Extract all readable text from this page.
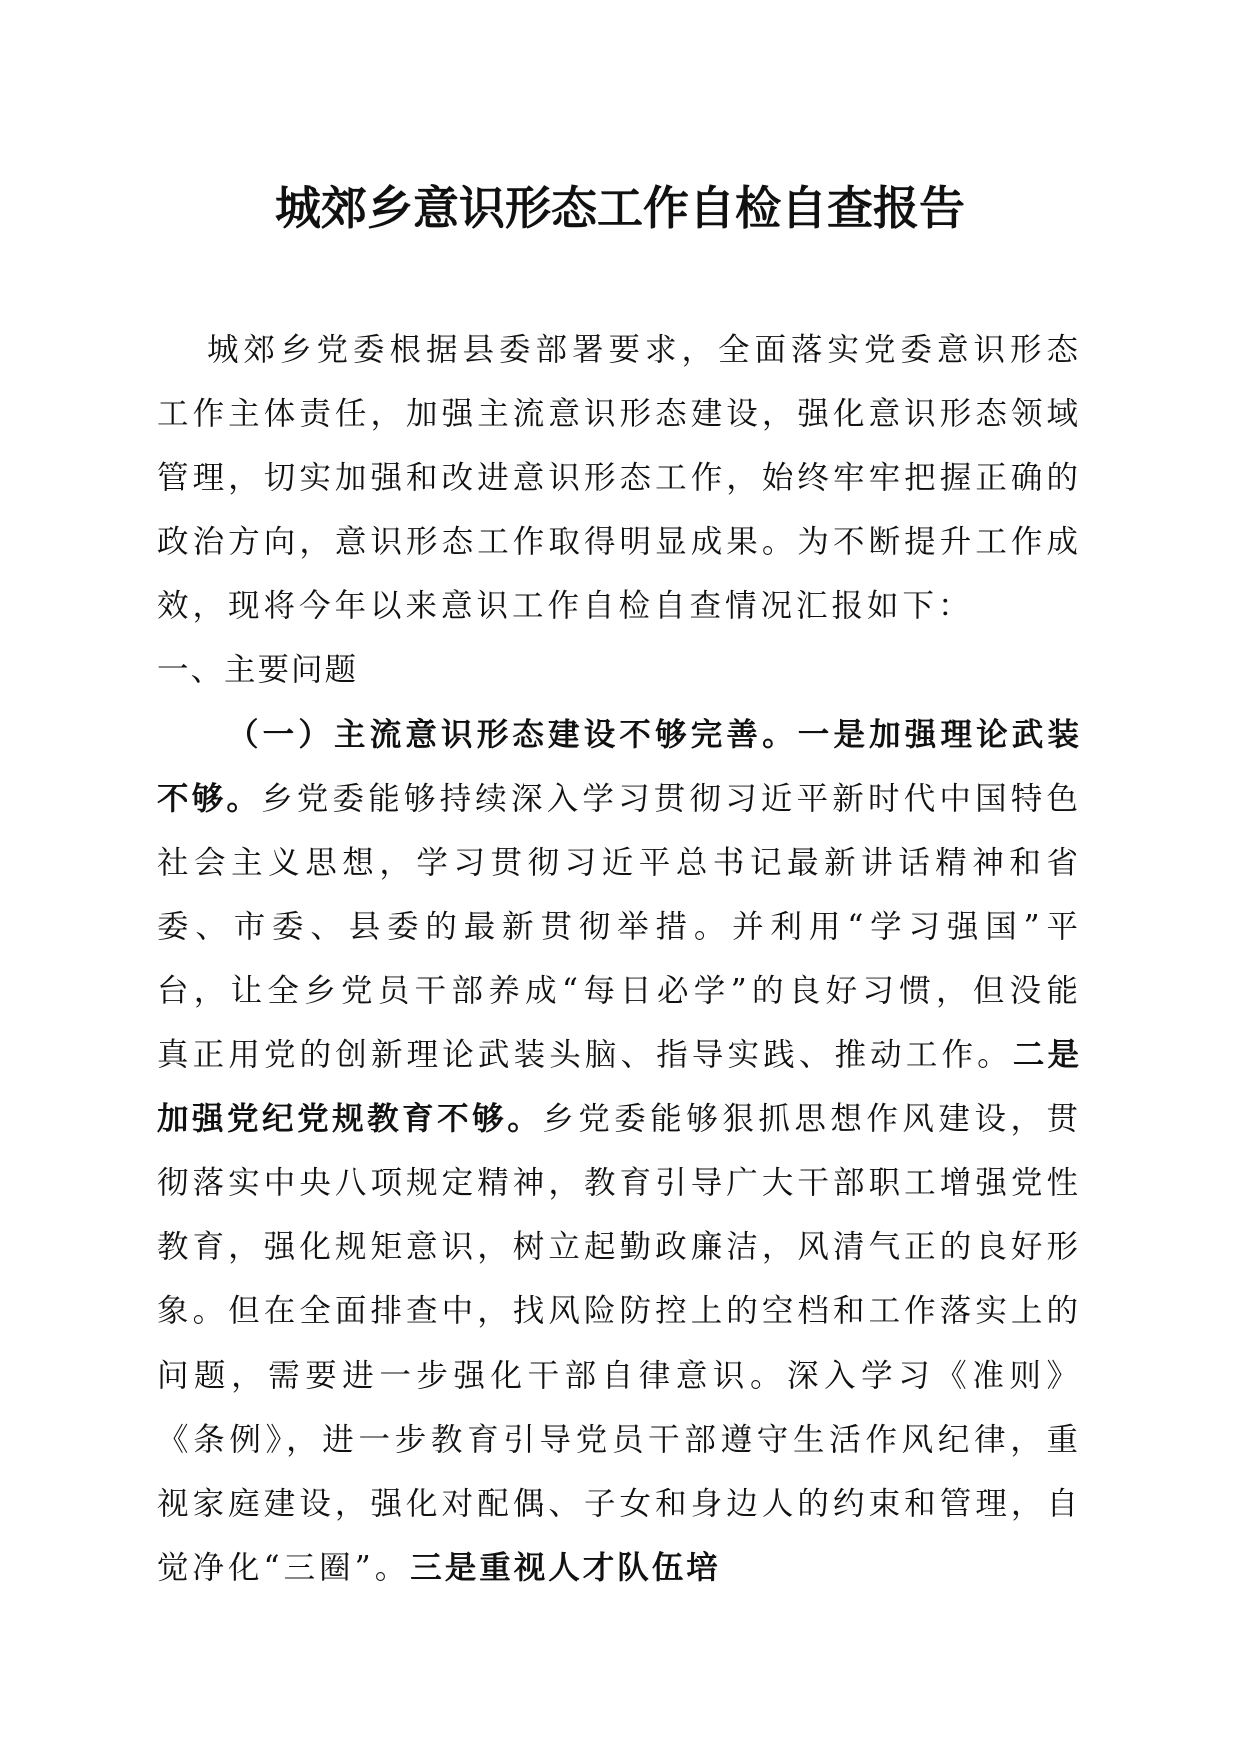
城郊乡意识形态工作自检自查报告

城郊乡党委根据县委部署要求，全面落实党委意识形态工作主体责任，加强主流意识形态建设，强化意识形态领域管理，切实加强和改进意识形态工作，始终牢牢把握正确的政治方向，意识形态工作取得明显成果。为不断提升工作成效，现将今年以来意识工作自检自查情况汇报如下：

一、主要问题

（一）主流意识形态建设不够完善。一是加强理论武装不够。乡党委能够持续深入学习贯彻习近平新时代中国特色社会主义思想，学习贯彻习近平总书记最新讲话精神和省委、市委、县委的最新贯彻举措。并利用“学习强国”平台，让全乡党员干部养成“每日必学”的良好习惯，但没能真正用党的创新理论武装头脑、指导实践、推动工作。二是加强党纪党规教育不够。乡党委能够狠抓思想作风建设，贯彻落实中央八项规定精神，教育引导广大干部职工增强党性教育，强化规矩意识，树立起勤政廉洁，风清气正的良好形象。但在全面排查中，找风险防控上的空档和工作落实上的问题，需要进一步强化干部自律意识。深入学习《准则》《条例》，进一步教育引导党员干部遵守生活作风纪律，重视家庭建设，强化对配偶、子女和身边人的约束和管理，自觉净化“三圈”。三是重视人才队伍培
